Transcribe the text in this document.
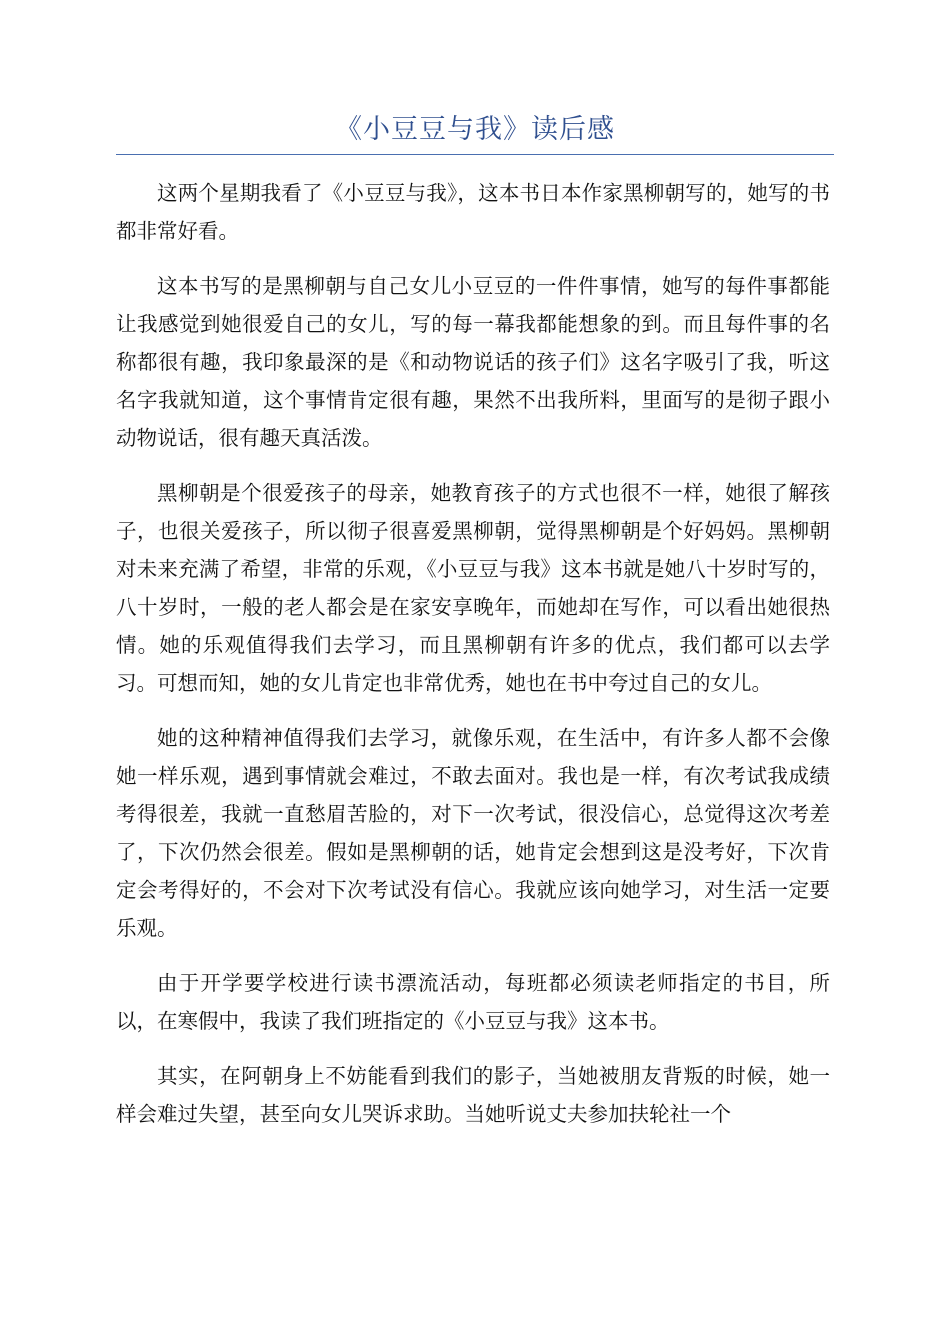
《小豆豆与我》读后感

这两个星期我看了《小豆豆与我》，这本书日本作家黑柳朝写的，她写的书都非常好看。

这本书写的是黑柳朝与自己女儿小豆豆的一件件事情，她写的每件事都能让我感觉到她很爱自己的女儿，写的每一幕我都能想象的到。而且每件事的名称都很有趣，我印象最深的是《和动物说话的孩子们》这名字吸引了我，听这名字我就知道，这个事情肯定很有趣，果然不出我所料，里面写的是彻子跟小动物说话，很有趣天真活泼。

黑柳朝是个很爱孩子的母亲，她教育孩子的方式也很不一样，她很了解孩子，也很关爱孩子，所以彻子很喜爱黑柳朝，觉得黑柳朝是个好妈妈。黑柳朝对未来充满了希望，非常的乐观，《小豆豆与我》这本书就是她八十岁时写的，八十岁时，一般的老人都会是在家安享晚年，而她却在写作，可以看出她很热情。她的乐观值得我们去学习，而且黑柳朝有许多的优点，我们都可以去学习。可想而知，她的女儿肯定也非常优秀，她也在书中夸过自己的女儿。

她的这种精神值得我们去学习，就像乐观，在生活中，有许多人都不会像她一样乐观，遇到事情就会难过，不敢去面对。我也是一样，有次考试我成绩考得很差，我就一直愁眉苦脸的，对下一次考试，很没信心，总觉得这次考差了，下次仍然会很差。假如是黑柳朝的话，她肯定会想到这是没考好，下次肯定会考得好的，不会对下次考试没有信心。我就应该向她学习，对生活一定要乐观。

由于开学要学校进行读书漂流活动，每班都必须读老师指定的书目，所以，在寒假中，我读了我们班指定的《小豆豆与我》这本书。

其实，在阿朝身上不妨能看到我们的影子，当她被朋友背叛的时候，她一样会难过失望，甚至向女儿哭诉求助。当她听说丈夫参加扶轮社一个
